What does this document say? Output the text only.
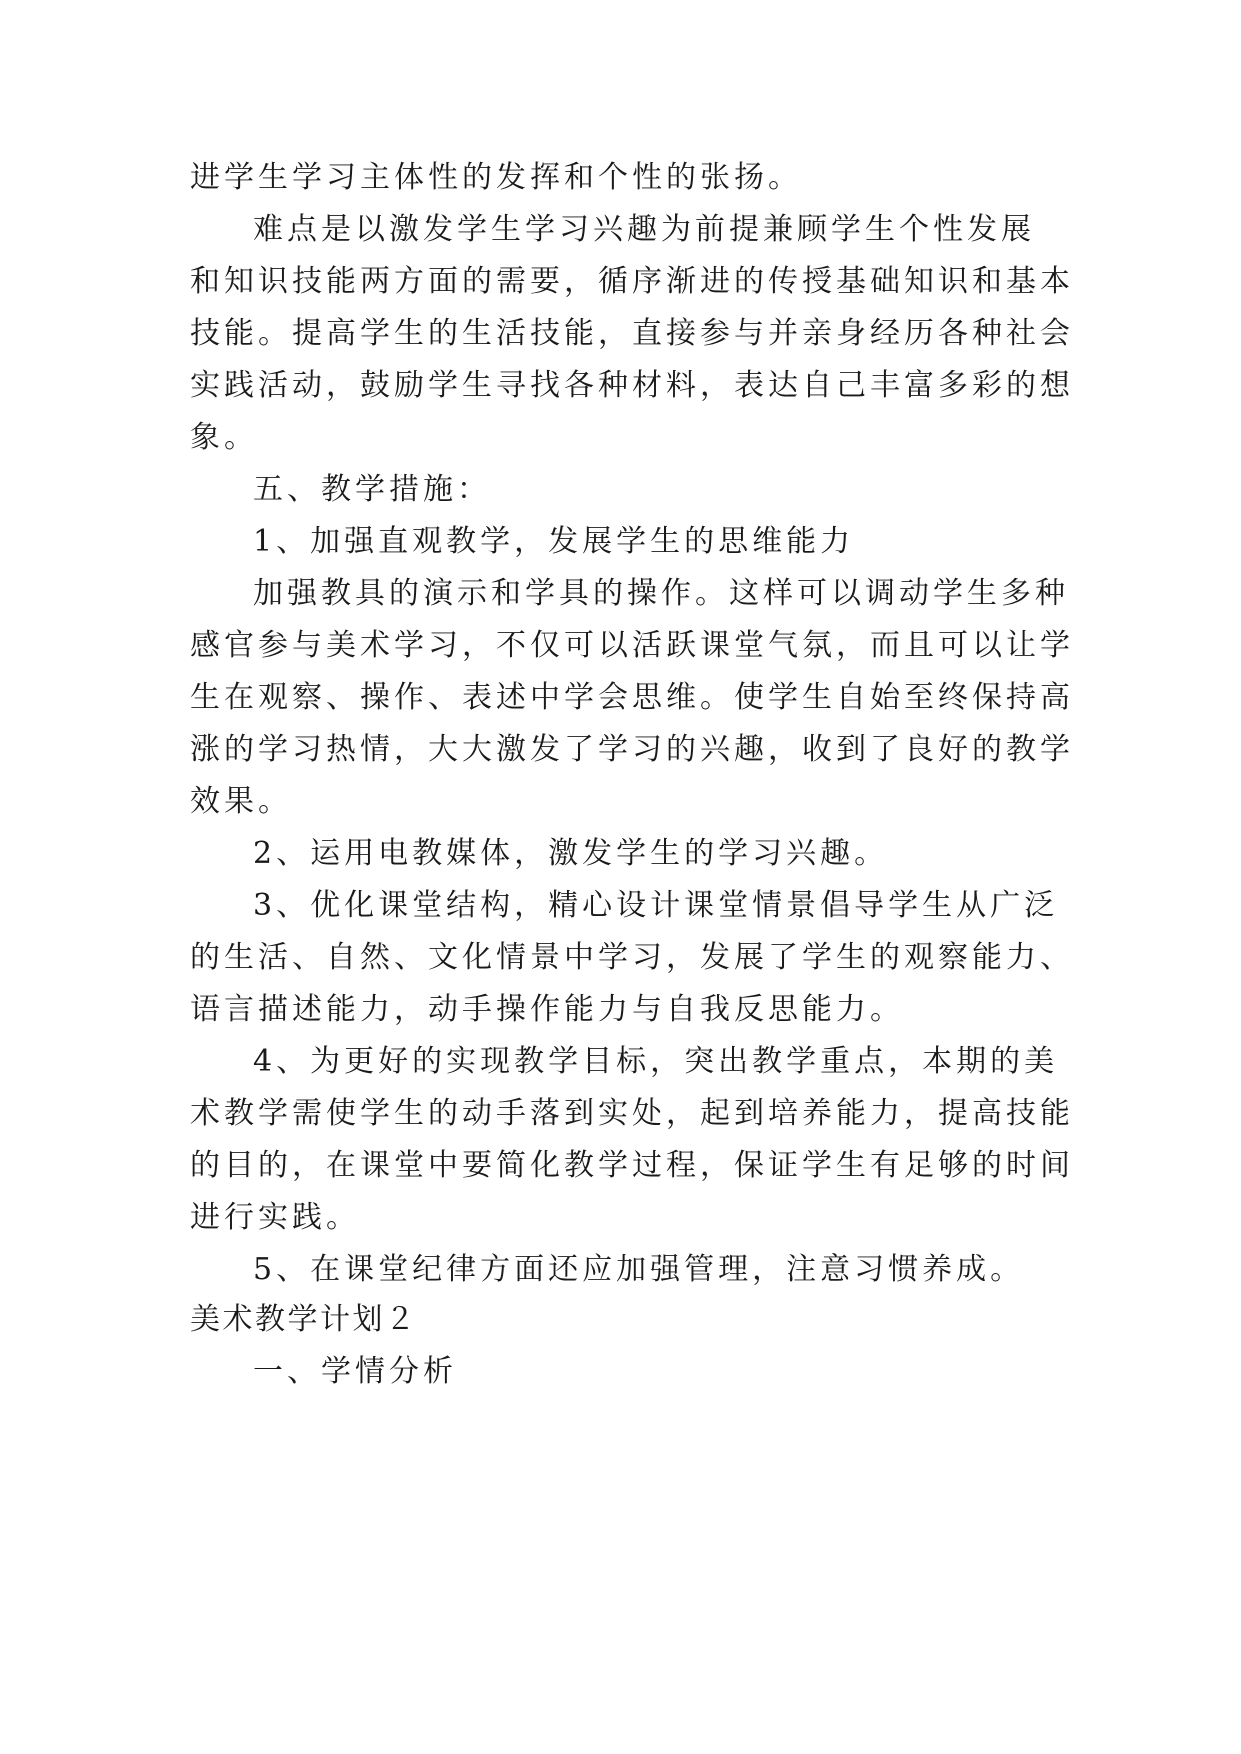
进学生学习主体性的发挥和个性的张扬。
难点是以激发学生学习兴趣为前提兼顾学生个性发展
和知识技能两方面的需要，循序渐进的传授基础知识和基本
技能。提高学生的生活技能，直接参与并亲身经历各种社会
实践活动，鼓励学生寻找各种材料，表达自己丰富多彩的想
象。
五、教学措施：
1、加强直观教学，发展学生的思维能力
加强教具的演示和学具的操作。这样可以调动学生多种
感官参与美术学习，不仅可以活跃课堂气氛，而且可以让学
生在观察、操作、表述中学会思维。使学生自始至终保持高
涨的学习热情，大大激发了学习的兴趣，收到了良好的教学
效果。
2、运用电教媒体，激发学生的学习兴趣。
3、优化课堂结构，精心设计课堂情景倡导学生从广泛
的生活、自然、文化情景中学习，发展了学生的观察能力、
语言描述能力，动手操作能力与自我反思能力。
4、为更好的实现教学目标，突出教学重点，本期的美
术教学需使学生的动手落到实处，起到培养能力，提高技能
的目的，在课堂中要简化教学过程，保证学生有足够的时间
进行实践。
5、在课堂纪律方面还应加强管理，注意习惯养成。
美术教学计划２
一、学情分析
